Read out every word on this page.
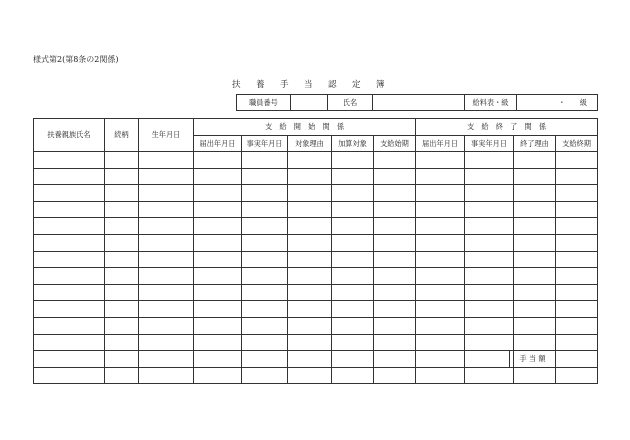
様式第2(第8条の2関係)
扶 養 手 当 認 定 簿
職員番号		氏名		給料表・級	・　　級
扶養親族氏名	続柄	生年月日	支　給　開　始　関　係					支　給　終　了　関　係			
			届出年月日	事実年月日	対象理由	加算対象	支給始期	届出年月日	事実年月日	終了理由	支給終期

手 当 額	
